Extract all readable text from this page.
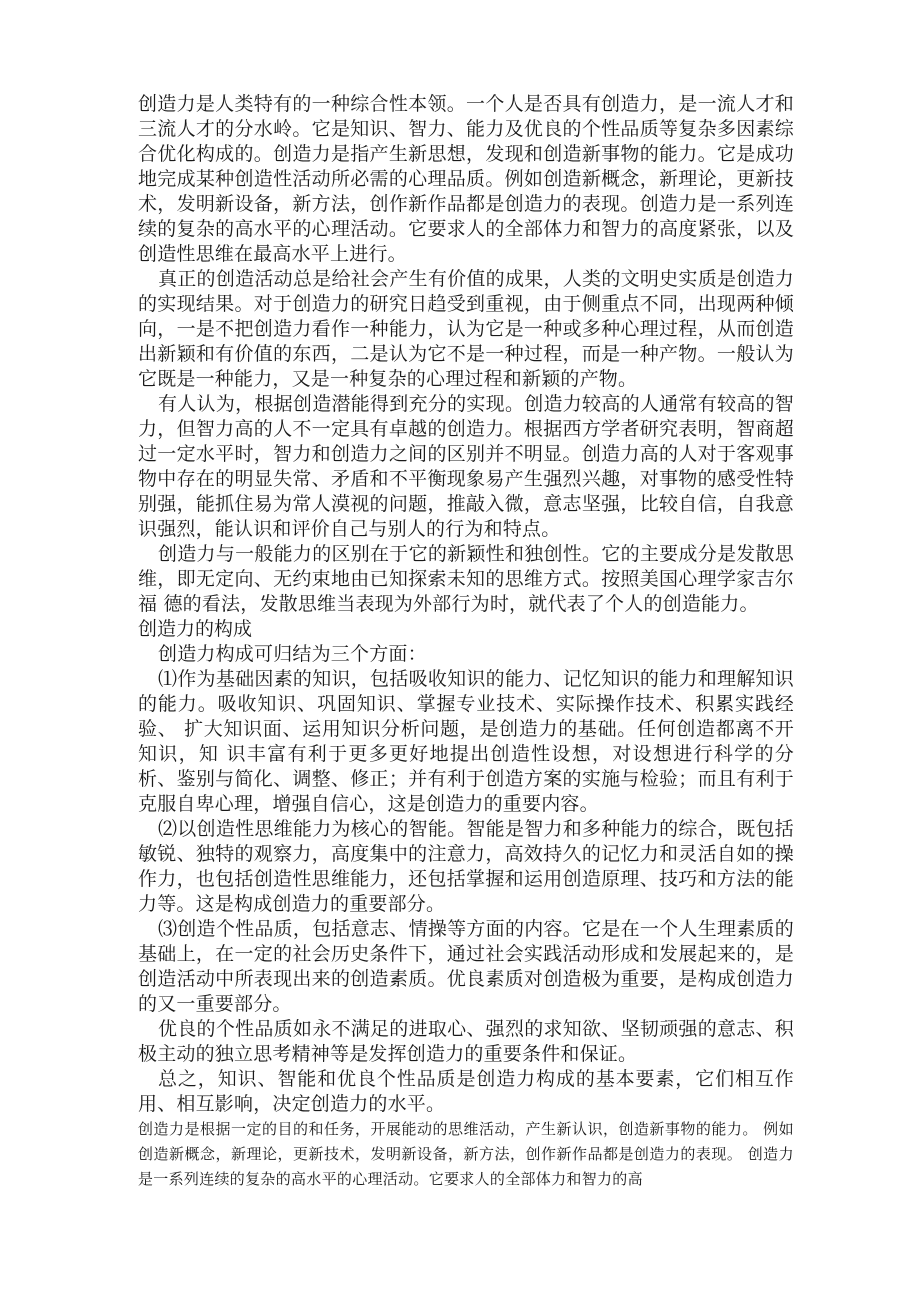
创造力是人类特有的一种综合性本领。一个人是否具有创造力，是一流人才和三流人才的分水岭。它是知识、智力、能力及优良的个性品质等复杂多因素综合优化构成的。创造力是指产生新思想，发现和创造新事物的能力。它是成功地完成某种创造性活动所必需的心理品质。例如创造新概念，新理论，更新技术，发明新设备，新方法，创作新作品都是创造力的表现。创造力是一系列连续的复杂的高水平的心理活动。它要求人的全部体力和智力的高度紧张，以及创造性思维在最高水平上进行。

真正的创造活动总是给社会产生有价值的成果，人类的文明史实质是创造力的实现结果。对于创造力的研究日趋受到重视，由于侧重点不同，出现两种倾向，一是不把创造力看作一种能力，认为它是一种或多种心理过程，从而创造出新颖和有价值的东西，二是认为它不是一种过程，而是一种产物。一般认为它既是一种能力，又是一种复杂的心理过程和新颖的产物。

有人认为，根据创造潜能得到充分的实现。创造力较高的人通常有较高的智力，但智力高的人不一定具有卓越的创造力。根据西方学者研究表明，智商超过一定水平时，智力和创造力之间的区别并不明显。创造力高的人对于客观事物中存在的明显失常、矛盾和不平衡现象易产生强烈兴趣，对事物的感受性特别强，能抓住易为常人漠视的问题，推敲入微，意志坚强，比较自信，自我意识强烈，能认识和评价自己与别人的行为和特点。

创造力与一般能力的区别在于它的新颖性和独创性。它的主要成分是发散思 维，即无定向、无约束地由已知探索未知的思维方式。按照美国心理学家吉尔福 德的看法，发散思维当表现为外部行为时，就代表了个人的创造能力。

创造力的构成

创造力构成可归结为三个方面：

⑴作为基础因素的知识，包括吸收知识的能力、记忆知识的能力和理解知识 的能力。吸收知识、巩固知识、掌握专业技术、实际操作技术、积累实践经验、 扩大知识面、运用知识分析问题，是创造力的基础。任何创造都离不开知识，知 识丰富有利于更多更好地提出创造性设想，对设想进行科学的分析、鉴别与简化、调整、修正；并有利于创造方案的实施与检验；而且有利于克服自卑心理，增强自信心，这是创造力的重要内容。

⑵以创造性思维能力为核心的智能。智能是智力和多种能力的综合，既包括敏锐、独特的观察力，高度集中的注意力，高效持久的记忆力和灵活自如的操作力，也包括创造性思维能力，还包括掌握和运用创造原理、技巧和方法的能力等。这是构成创造力的重要部分。

⑶创造个性品质，包括意志、情操等方面的内容。它是在一个人生理素质的基础上，在一定的社会历史条件下，通过社会实践活动形成和发展起来的，是创造活动中所表现出来的创造素质。优良素质对创造极为重要，是构成创造力的又一重要部分。

优良的个性品质如永不满足的进取心、强烈的求知欲、坚韧顽强的意志、积极主动的独立思考精神等是发挥创造力的重要条件和保证。

总之，知识、智能和优良个性品质是创造力构成的基本要素，它们相互作用、相互影响，决定创造力的水平。

创造力是根据一定的目的和任务，开展能动的思维活动，产生新认识，创造新事物的能力。 例如创造新概念，新理论，更新技术，发明新设备，新方法，创作新作品都是创造力的表现。 创造力是一系列连续的复杂的高水平的心理活动。它要求人的全部体力和智力的高
